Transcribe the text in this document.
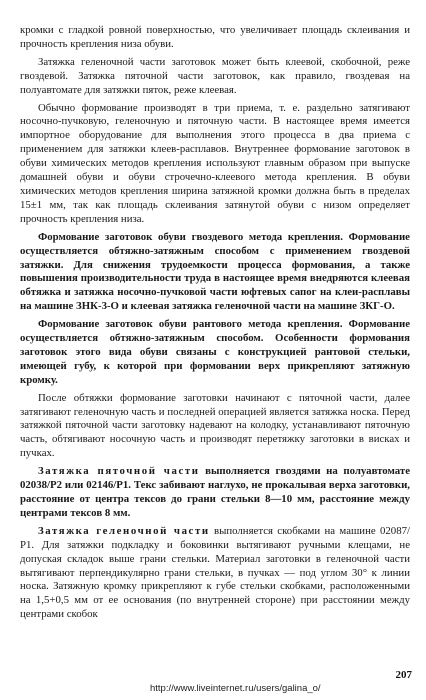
кромки с гладкой ровной поверхностью, что увеличивает площадь склеивания и прочность крепления низа обуви.

Затяжка геленочной части заготовок может быть клеевой, скобочной, реже гвоздевой. Затяжка пяточной части заготовок, как правило, гвоздевая на полуавтомате для затяжки пяток, реже клеевая.

Обычно формование производят в три приема, т. е. раздельно затягивают носочно-пучковую, геленочную и пяточную части. В настоящее время имеется импортное оборудование для выполнения этого процесса в два приема с применением для затяжки клеев-расплавов. Внутреннее формование заготовок в обуви химических методов крепления используют главным образом при выпуске домашней обуви и обуви строчечно-клеевого метода крепления. В обуви химических методов крепления ширина затяжной кромки должна быть в пределах 15±1 мм, так как площадь склеивания затянутой обуви с низом определяет прочность крепления низа.

Формование заготовок обуви гвоздевого метода крепления. Формование осуществляется обтяжно-затяжным способом с применением гвоздевой затяжки. Для снижения трудоемкости процесса формования, а также повышения производительности труда в настоящее время внедряются клеевая обтяжка и затяжка носочно-пучковой части юфтевых сапог на клеи-расплавы на машине ЗНК-3-О и клеевая затяжка геленочной части на машине ЗКГ-О.

Формование заготовок обуви рантового метода крепления. Формование осуществляется обтяжно-затяжным способом. Особенности формования заготовок этого вида обуви связаны с конструкцией рантовой стельки, имеющей губу, к которой при формовании верх прикрепляют затяжную кромку.

После обтяжки формование заготовки начинают с пяточной части, далее затягивают геленочную часть и последней операцией является затяжка носка. Перед затяжкой пяточной части заготовку надевают на колодку, устанавливают пяточную часть, обтягивают носочную часть и производят перетяжку заготовки в висках и пучках.

Затяжка пяточной части выполняется гвоздями на полуавтомате 02038/Р2 или 02146/Р1. Текс забивают наглухо, не прокалывая верха заготовки, расстояние от центра тексов до грани стельки 8—10 мм, расстояние между центрами тексов 8 мм.

Затяжка геленочной части выполняется скобками на машине 02087/Р1. Для затяжки подкладку и боковинки вытягивают ручными клещами, не допуская складок выше грани стельки. Материал заготовки в геленочной части вытягивают перпендикулярно грани стельки, в пучках — под углом 30° к линии носка. Затяжную кромку прикрепляют к губе стельки скобками, расположенными на 1,5+0,5 мм от ее основания (по внутренней стороне) при расстоянии между центрами скобок

207
http://www.liveinternet.ru/users/galina_o/
